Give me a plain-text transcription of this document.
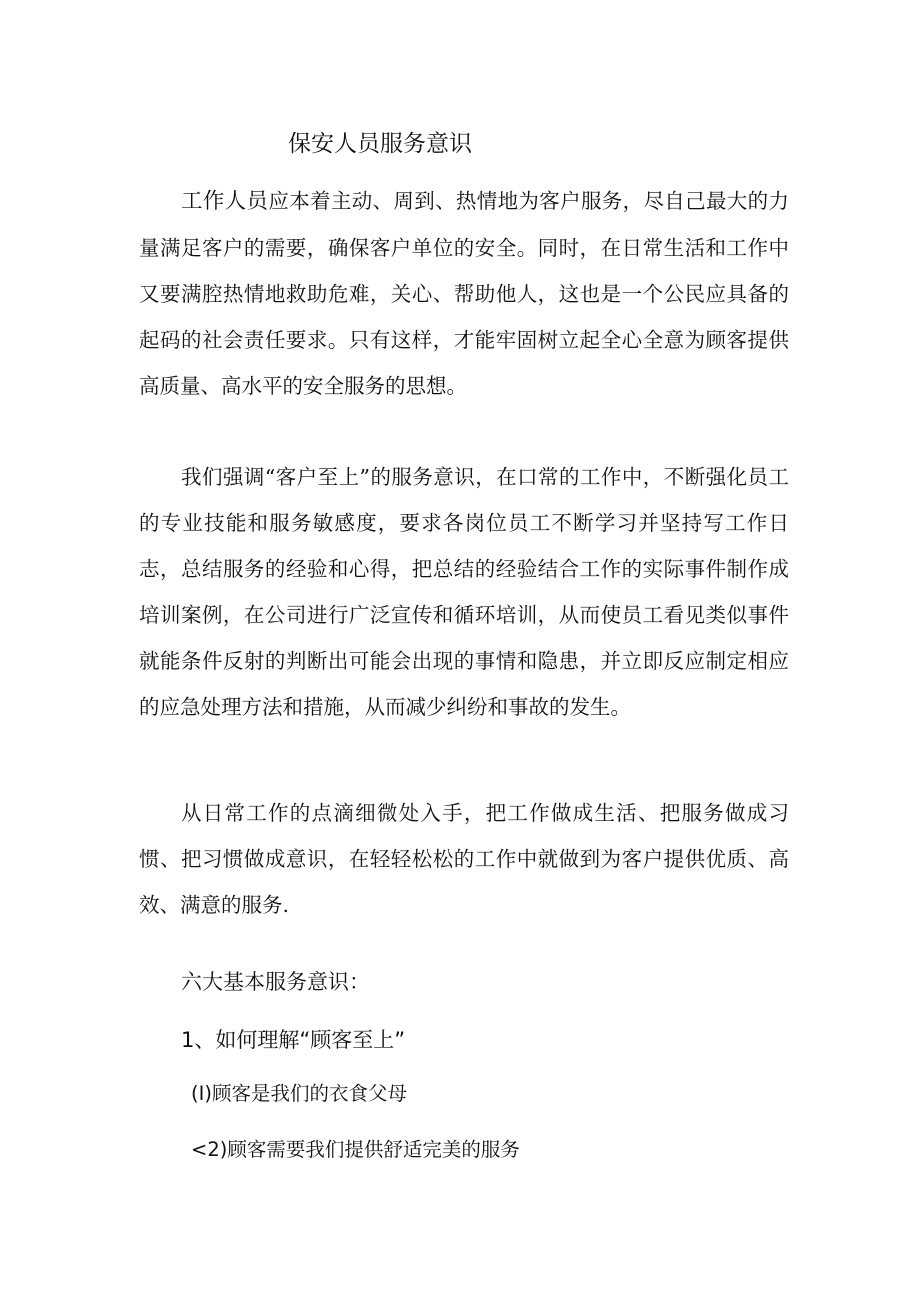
保安人员服务意识

工作人员应本着主动、周到、热情地为客户服务，尽自己最大的力量满足客户的需要，确保客户单位的安全。同时，在日常生活和工作中又要满腔热情地救助危难，关心、帮助他人，这也是一个公民应具备的起码的社会责任要求。只有这样，才能牢固树立起全心全意为顾客提供高质量、高水平的安全服务的思想。

我们强调“客户至上”的服务意识，在口常的工作中，不断强化员工的专业技能和服务敏感度，要求各岗位员工不断学习并坚持写工作日志，总结服务的经验和心得，把总结的经验结合工作的实际事件制作成培训案例，在公司进行广泛宣传和循环培训，从而使员工看见类似事件就能条件反射的判断出可能会出现的事情和隐患，并立即反应制定相应的应急处理方法和措施，从而减少纠纷和事故的发生。

从日常工作的点滴细微处入手，把工作做成生活、把服务做成习惯、把习惯做成意识，在轻轻松松的工作中就做到为客户提供优质、高效、满意的服务.

六大基本服务意识：
1、如何理解“顾客至上”
(I)顾客是我们的衣食父母
<2)顾客需要我们提供舒适完美的服务
